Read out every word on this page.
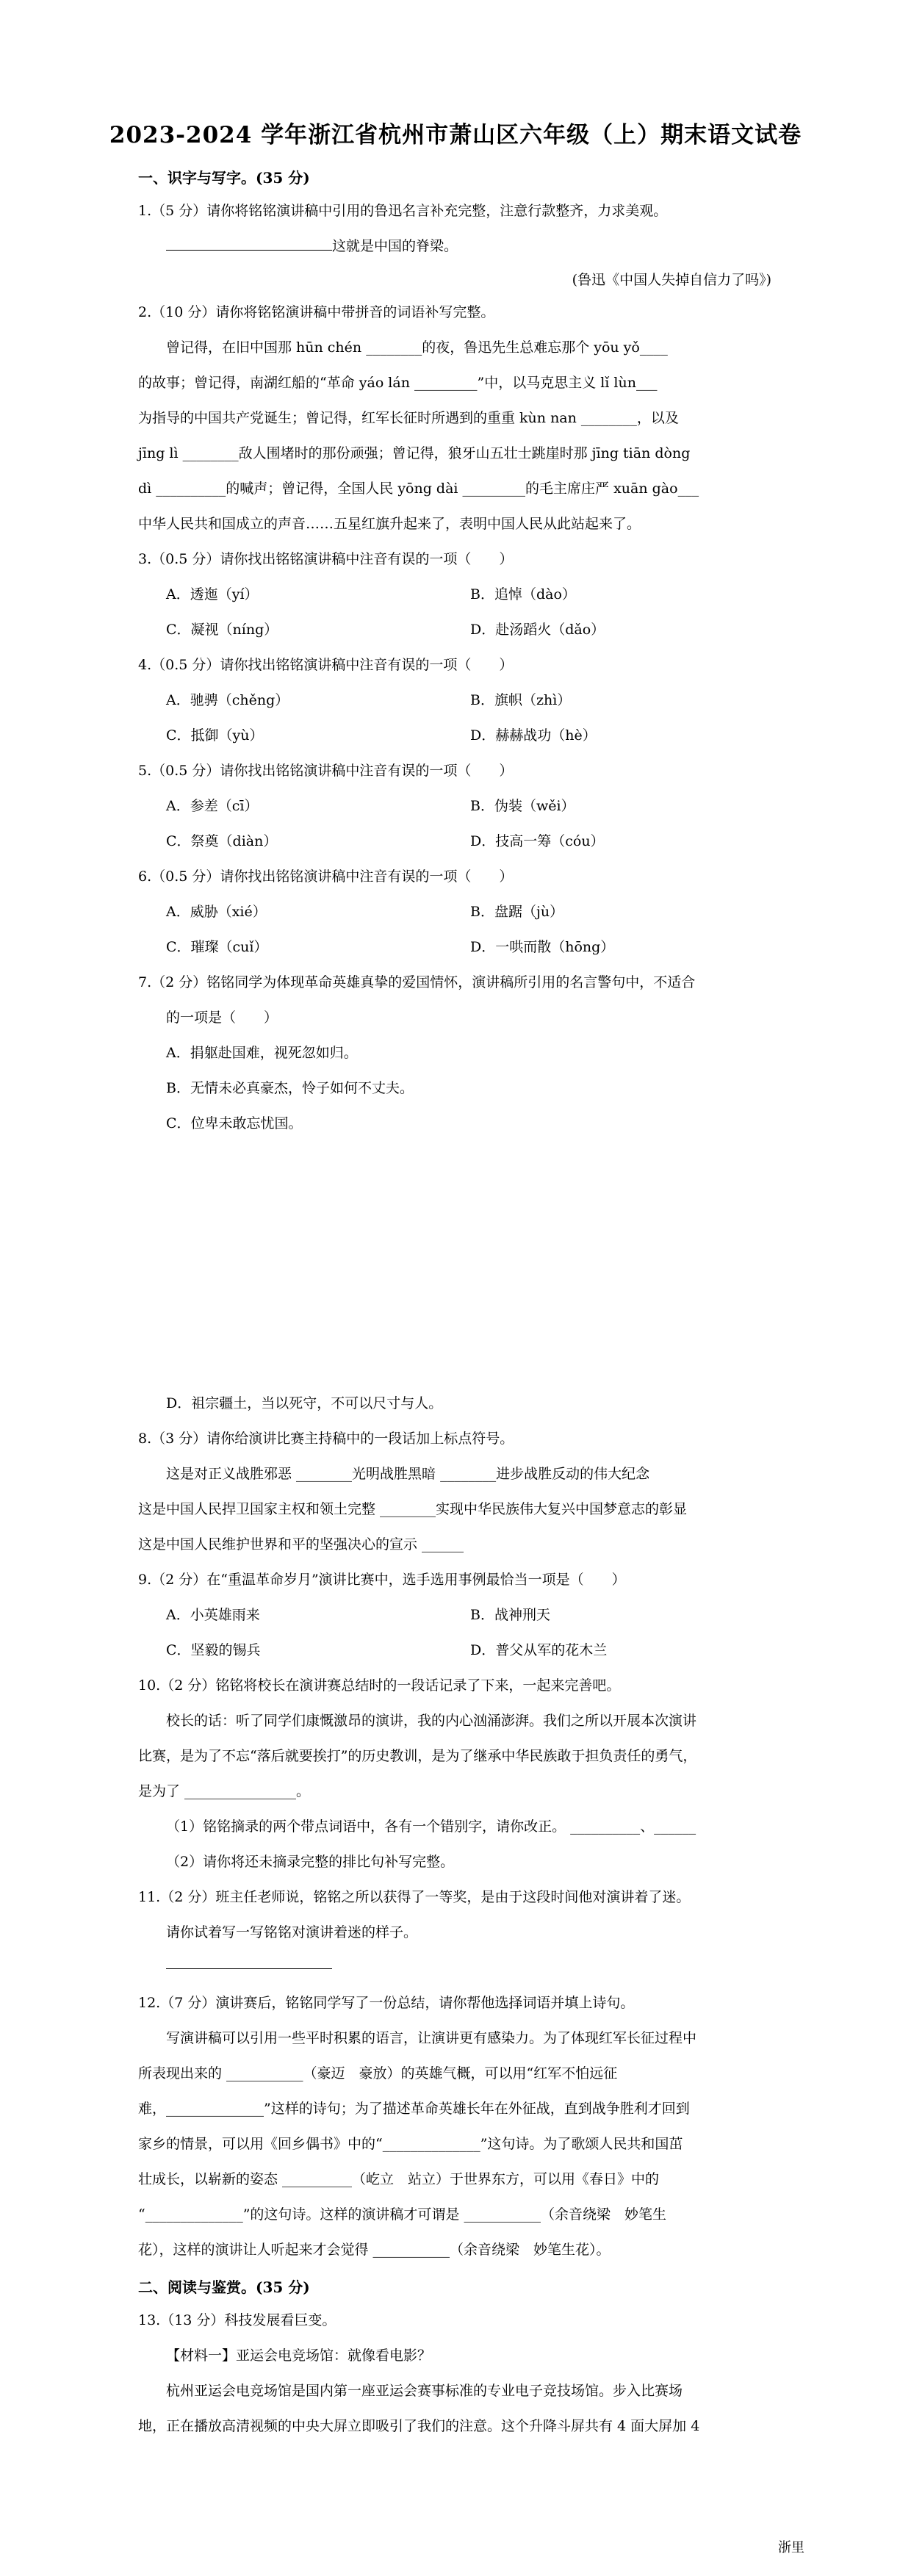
2023-2024 学年浙江省杭州市萧山区六年级（上）期末语文试卷
一、识字与写字。(35 分)
1.（5 分）请你将铭铭演讲稿中引用的鲁迅名言补充完整，注意行款整齐，力求美观。
这就是中国的脊梁。
(鲁迅《中国人失掉自信力了吗》)
2.（10 分）请你将铭铭演讲稿中带拼音的词语补写完整。
曾记得，在旧中国那 hūn chén ________的夜，鲁迅先生总难忘那个 yōu yǒ____
的故事；曾记得，南湖红船的“革命 yáo lán _________”中，以马克思主义 lǐ lùn___
为指导的中国共产党诞生；曾记得，红军长征时所遇到的重重 kùn nan ________，以及
jīng lì ________敌人围堵时的那份顽强；曾记得，狼牙山五壮士跳崖时那 jīng tiān dòng
dì __________的喊声；曾记得，全国人民 yōng dài _________的毛主席庄严 xuān gào___
中华人民共和国成立的声音……五星红旗升起来了，表明中国人民从此站起来了。
3.（0.5 分）请你找出铭铭演讲稿中注音有误的一项（　　）
A．透迤（yí）	B．追悼（dào）
C．凝视（níng）	D．赴汤蹈火（dǎo）
4.（0.5 分）请你找出铭铭演讲稿中注音有误的一项（　　）
A．驰骋（chěng）	B．旗帜（zhì）
C．抵御（yù）	D．赫赫战功（hè）
5.（0.5 分）请你找出铭铭演讲稿中注音有误的一项（　　）
A．参差（cī）	B．伪装（wěi）
C．祭奠（diàn）	D．技高一筹（cóu）
6.（0.5 分）请你找出铭铭演讲稿中注音有误的一项（　　）
A．威胁（xié）	B．盘踞（jù）
C．璀璨（cuǐ）	D．一哄而散（hōng）
7.（2 分）铭铭同学为体现革命英雄真挚的爱国情怀，演讲稿所引用的名言警句中，不适合
的一项是（　　）
A．捐躯赴国难，视死忽如归。
B．无情未必真豪杰，怜子如何不丈夫。
C．位卑未敢忘忧国。
D．祖宗疆土，当以死守，不可以尺寸与人。
8.（3 分）请你给演讲比赛主持稿中的一段话加上标点符号。
这是对正义战胜邪恶 ________光明战胜黑暗 ________进步战胜反动的伟大纪念
这是中国人民捍卫国家主权和领土完整 ________实现中华民族伟大复兴中国梦意志的彰显
这是中国人民维护世界和平的坚强决心的宣示 ______
9.（2 分）在“重温革命岁月”演讲比赛中，选手选用事例最恰当一项是（　　）
A．小英雄雨来	B．战神刑天
C．坚毅的锡兵	D．普父从军的花木兰
10.（2 分）铭铭将校长在演讲赛总结时的一段话记录了下来，一起来完善吧。
校长的话：听了同学们康慨激昂的演讲，我的内心汹涌澎湃。我们之所以开展本次演讲
比赛，是为了不忘“落后就要挨打”的历史教训，是为了继承中华民族敢于担负责任的勇气，
是为了 ________________。
（1）铭铭摘录的两个带点词语中，各有一个错别字，请你改正。 __________、______
（2）请你将还未摘录完整的排比句补写完整。
11.（2 分）班主任老师说，铭铭之所以获得了一等奖，是由于这段时间他对演讲着了迷。
请你试着写一写铭铭对演讲着迷的样子。
12.（7 分）演讲赛后，铭铭同学写了一份总结，请你帮他选择词语并填上诗句。
写演讲稿可以引用一些平时积累的语言，让演讲更有感染力。为了体现红军长征过程中
所表现出来的 ___________（豪迈　豪放）的英雄气概，可以用“红军不怕远征
难，______________”这样的诗句；为了描述革命英雄长年在外征战，直到战争胜利才回到
家乡的情景，可以用《回乡偶书》中的“______________”这句诗。为了歌颂人民共和国茁
壮成长，以崭新的姿态 __________（屹立　站立）于世界东方，可以用《春日》中的
“______________”的这句诗。这样的演讲稿才可谓是 ___________（余音绕梁　妙笔生
花），这样的演讲让人听起来才会觉得 ___________（余音绕梁　妙笔生花）。
二、阅读与鉴赏。(35 分)
13.（13 分）科技发展看巨变。
【材料一】亚运会电竞场馆：就像看电影？
杭州亚运会电竞场馆是国内第一座亚运会赛事标准的专业电子竞技场馆。步入比赛场
地，正在播放高清视频的中央大屏立即吸引了我们的注意。这个升降斗屏共有 4 面大屏加 4
浙里
